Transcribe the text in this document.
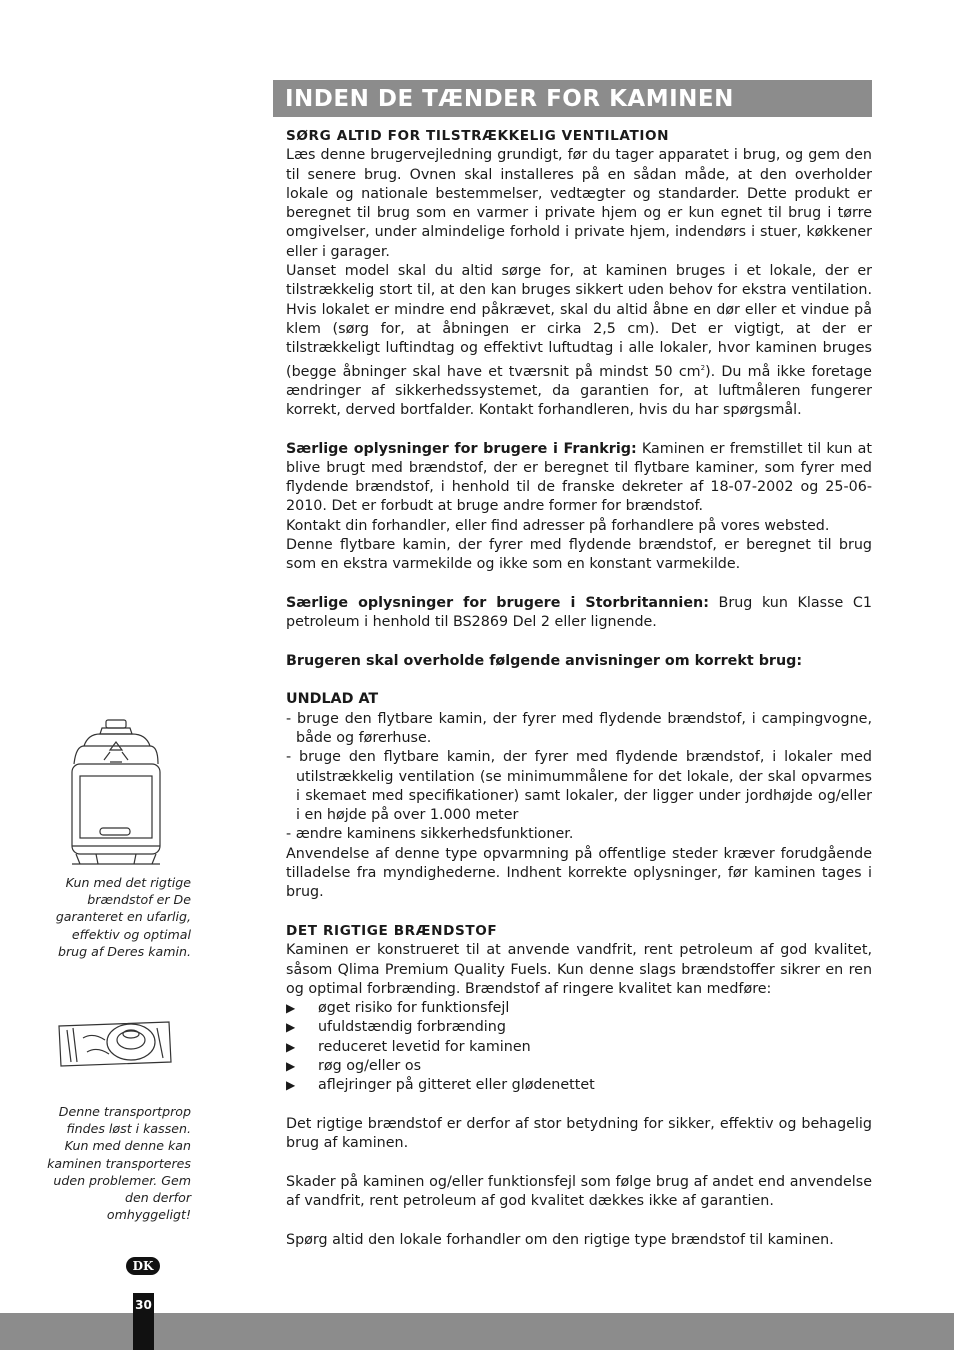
INDEN DE TÆNDER FOR KAMINEN

SØRG ALTID FOR TILSTRÆKKELIG VENTILATION

Læs denne brugervejledning grundigt, før du tager apparatet i brug, og gem den til senere brug. Ovnen skal installeres på en sådan måde, at den overholder lokale og nationale bestemmelser, vedtægter og standarder. Dette produkt er beregnet til brug som en varmer i private hjem og er kun egnet til brug i tørre omgivelser, under almindelige forhold i private hjem, indendørs i stuer, køkkener eller i garager.

Uanset model skal du altid sørge for, at kaminen bruges i et lokale, der er tilstrækkelig stort til, at den kan bruges sikkert uden behov for ekstra ventilation. Hvis lokalet er mindre end påkrævet, skal du altid åbne en dør eller et vindue på klem (sørg for, at åbningen er cirka 2,5 cm). Det er vigtigt, at der er tilstrækkeligt luftindtag og effektivt luftudtag i alle lokaler, hvor kaminen bruges (begge åbninger skal have et tværsnit på mindst 50 $cm^2$). Du må ikke foretage ændringer af sikkerhedssystemet, da garantien for, at luftmåleren fungerer korrekt, derved bortfalder. Kontakt forhandleren, hvis du har spørgsmål.

Særlige oplysninger for brugere i Frankrig: Kaminen er fremstillet til kun at blive brugt med brændstof, der er beregnet til flytbare kaminer, som fyrer med flydende brændstof, i henhold til de franske dekreter af 18-07-2002 og 25-06-2010. Det er forbudt at bruge andre former for brændstof.

Kontakt din forhandler, eller find adresser på forhandlere på vores websted.

Denne flytbare kamin, der fyrer med flydende brændstof, er beregnet til brug som en ekstra varmekilde og ikke som en konstant varmekilde.

Særlige oplysninger for brugere i Storbritannien: Brug kun Klasse C1 petroleum i henhold til BS2869 Del 2 eller lignende.

Brugeren skal overholde følgende anvisninger om korrekt brug:

UNDLAD AT

- bruge den flytbare kamin, der fyrer med flydende brændstof, i campingvogne, både og førerhuse.

- bruge den flytbare kamin, der fyrer med flydende brændstof, i lokaler med utilstrækkelig ventilation (se minimummålene for det lokale, der skal opvarmes i skemaet med specifikationer) samt lokaler, der ligger under jordhøjde og/eller i en højde på over 1.000 meter

- ændre kaminens sikkerhedsfunktioner.

Anvendelse af denne type opvarmning på offentlige steder kræver forudgående tilladelse fra myndighederne. Indhent korrekte oplysninger, før kaminen tages i brug.

DET RIGTIGE BRÆNDSTOF

Kaminen er konstrueret til at anvende vandfrit, rent petroleum af god kvalitet, såsom Qlima Premium Quality Fuels. Kun denne slags brændstoffer sikrer en ren og optimal forbrænding. Brændstof af ringere kvalitet kan medføre:

▶	øget risiko for funktionsfejl
▶	ufuldstændig forbrænding
▶	reduceret levetid for kaminen
▶	røg og/eller os
▶	aflejringer på gitteret eller glødenettet

Det rigtige brændstof er derfor af stor betydning for sikker, effektiv og behagelig brug af kaminen.

Skader på kaminen og/eller funktionsfejl som følge brug af andet end anvendelse af vandfrit, rent petroleum af god kvalitet dækkes ikke af garantien.

Spørg altid den lokale forhandler om den rigtige type brændstof til kaminen.

Kun med det rigtige brændstof er De garanteret en ufarlig, effektiv og optimal brug af Deres kamin.
Denne transportprop findes løst i kassen. Kun med denne kan kaminen transporteres uden problemer. Gem den derfor omhyggeligt!
DK
30
